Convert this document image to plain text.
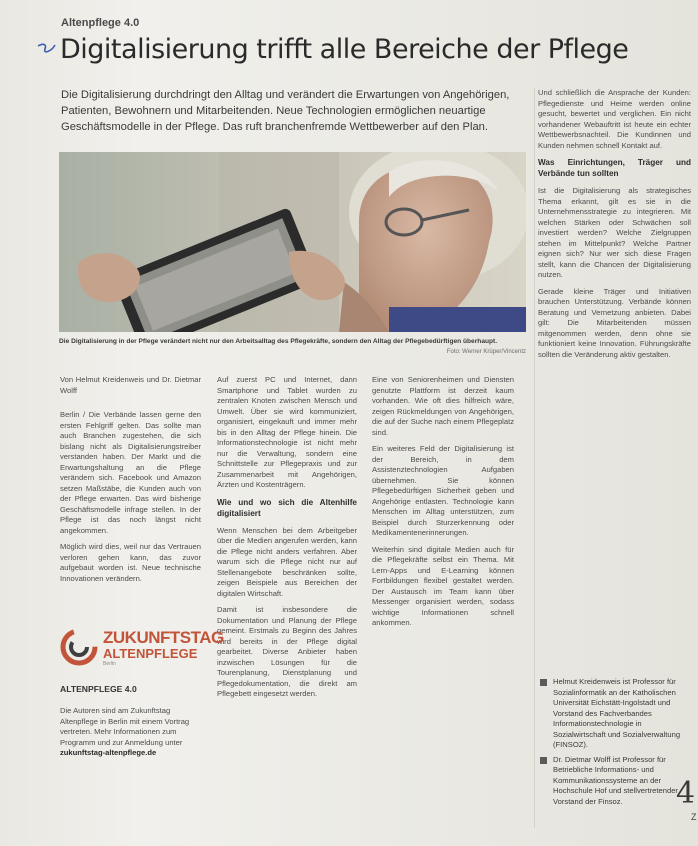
Altenpflege 4.0
Digitalisierung trifft alle Bereiche der Pflege
Die Digitalisierung durchdringt den Alltag und verändert die Erwartungen von Angehörigen, Patienten, Bewohnern und Mitarbeitenden. Neue Technologien ermöglichen neuartige Geschäftsmodelle in der Pflege. Das ruft branchenfremde Wettbewerber auf den Plan.
Die Digitalisierung in der Pflege verändert nicht nur den Arbeitsalltag des Pflegekräfte, sondern den Alltag der Pflegebedürftigen überhaupt.
Foto: Werner Krüper/Vincentz

Von Helmut Kreidenweis und Dr. Dietmar Wolff

Berlin / Die Verbände lassen gerne den ersten Fehlgriff gelten. Das sollte man auch Branchen zugestehen, die sich bislang nicht als Digitalisierungstreiber verstanden haben. Der Markt und die Erwartungshaltung an die Pflege verändern sich. Facebook und Amazon setzen Maßstäbe, die Kunden auch von der Pflege erwarten. Das wird bisherige Geschäftsmodelle infrage stellen. In der Pflege ist das noch längst nicht angekommen.

Möglich wird dies, weil nur das Vertrauen verloren gehen kann, das zuvor aufgebaut worden ist. Neue technische Innovationen verändern.

Auf zuerst PC und Internet, dann Smartphone und Tablet wurden zu zentralen Knoten zwischen Mensch und Umwelt. Über sie wird kommuniziert, organisiert, eingekauft und immer mehr bis in den Alltag der Pflege hinein. Die Informationstechnologie ist nicht mehr nur die Verwaltung, sondern eine Schnittstelle zur Pflegepraxis und zur Zusammenarbeit mit Angehörigen, Ärzten und Kostenträgern.

Wie und wo sich die Altenhilfe digitalisiert

Wenn Menschen bei dem Arbeitgeber über die Medien angerufen werden, kann die Pflege nicht anders verfahren. Aber warum sich die Pflege nicht nur auf Stellenangebote beschränken sollte, zeigen Beispiele aus Bereichen der digitalen Wirtschaft.

Damit ist insbesondere die Dokumentation und Planung der Pflege gemeint. Erstmals zu Beginn des Jahres wird bereits in der Pflege digital gearbeitet. Diverse Anbieter haben inzwischen Lösungen für die Tourenplanung, Dienstplanung und Pflegedokumentation, die direkt am Pflegebett eingesetzt werden.

Eine von Seniorenheimen und Diensten genutzte Plattform ist derzeit kaum vorhanden. Wie oft dies hilfreich wäre, zeigen Rückmeldungen von Angehörigen, die auf der Suche nach einem Pflegeplatz sind.

Ein weiteres Feld der Digitalisierung ist der Bereich, in dem Assistenztechnologien Aufgaben übernehmen. Sie können Pflegebedürftigen Sicherheit geben und Angehörige entlasten. Technologie kann Menschen im Alltag unterstützen, zum Beispiel durch Sturzerkennung oder Medikamentenerinnerungen.

Weiterhin sind digitale Medien auch für die Pflegekräfte selbst ein Thema. Mit Lern-Apps und E-Learning können Fortbildungen flexibel gestaltet werden. Der Austausch im Team kann über Messenger organisiert werden, sodass wichtige Informationen schnell ankommen.

Und schließlich die Ansprache der Kunden: Pflegedienste und Heime werden online gesucht, bewertet und verglichen. Ein nicht vorhandener Webauftritt ist heute ein echter Wettbewerbsnachteil. Die Kundinnen und Kunden nehmen schnell Kontakt auf.

Was Einrichtungen, Träger und Verbände tun sollten

Ist die Digitalisierung als strategisches Thema erkannt, gilt es sie in die Unternehmensstrategie zu integrieren. Mit welchen Stärken oder Schwächen soll investiert werden? Welche Zielgruppen stehen im Mittelpunkt? Welche Partner eignen sich? Nur wer sich diese Fragen stellt, kann die Chancen der Digitalisierung nutzen.

Gerade kleine Träger und Initiativen brauchen Unterstützung. Verbände können Beratung und Vernetzung anbieten. Dabei gilt: Die Mitarbeitenden müssen mitgenommen werden, denn ohne sie funktioniert keine Innovation. Führungskräfte sollten die Veränderung aktiv gestalten.

ZUKUNFTSTAG
ALTENPFLEGE
Berlin
ALTENPFLEGE 4.0
Die Autoren sind am Zukunftstag Altenpflege in Berlin mit einem Vortrag vertreten. Mehr Informationen zum Programm und zur Anmeldung unter zukunftstag-altenpflege.de

Helmut Kreidenweis ist Professor für Sozialinformatik an der Katholischen Universität Eichstätt-Ingolstadt und Vorstand des Fachverbandes Informationstechnologie in Sozialwirtschaft und Sozialverwaltung (FINSOZ).

Dr. Dietmar Wolff ist Professor für Betriebliche Informations- und Kommunikationssysteme an der Hochschule Hof und stellvertretender Vorstand der Finsoz.	4
Z
